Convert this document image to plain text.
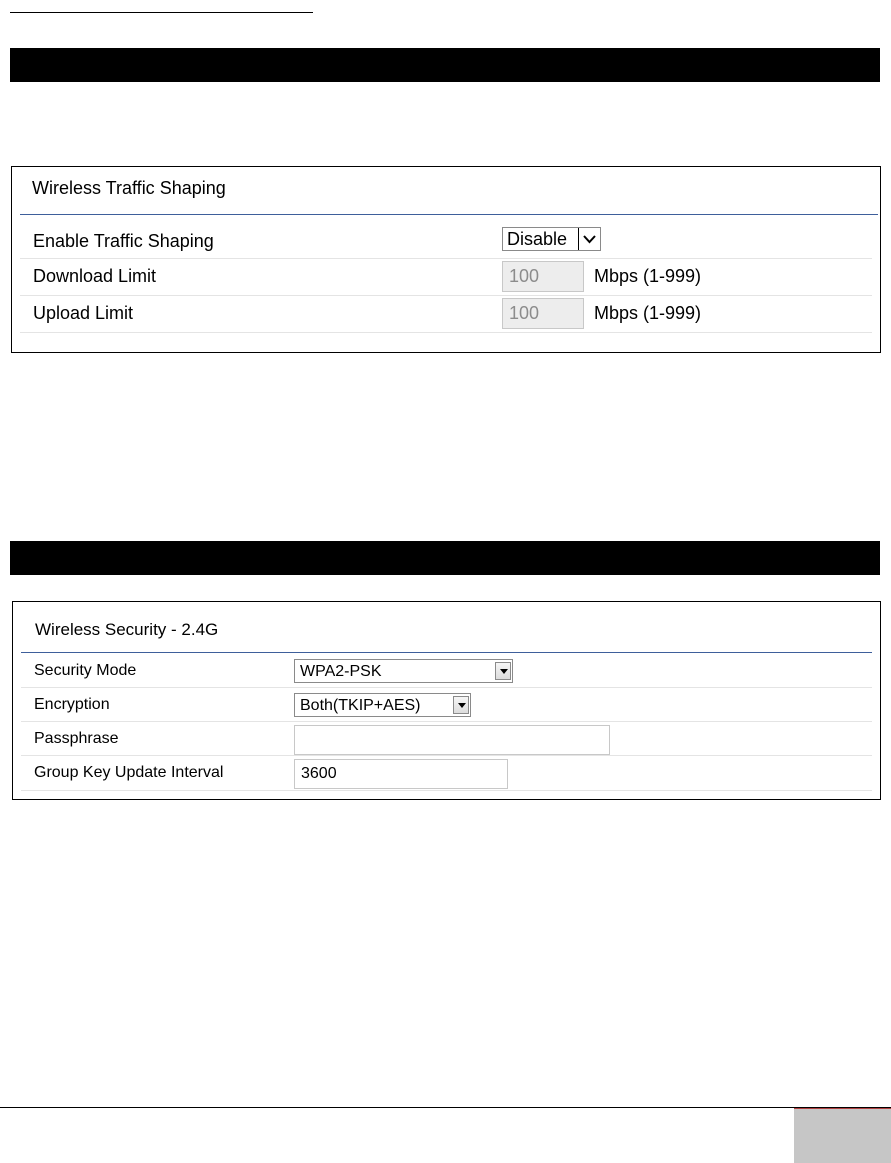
Wireless Traffic Shaping
Enable Traffic Shaping	Disable
Download Limit	100	Mbps (1-999)
Upload Limit	100	Mbps (1-999)
Wireless Security - 2.4G
Security Mode	WPA2-PSK
Encryption	Both(TKIP+AES)
Passphrase
Group Key Update Interval	3600
